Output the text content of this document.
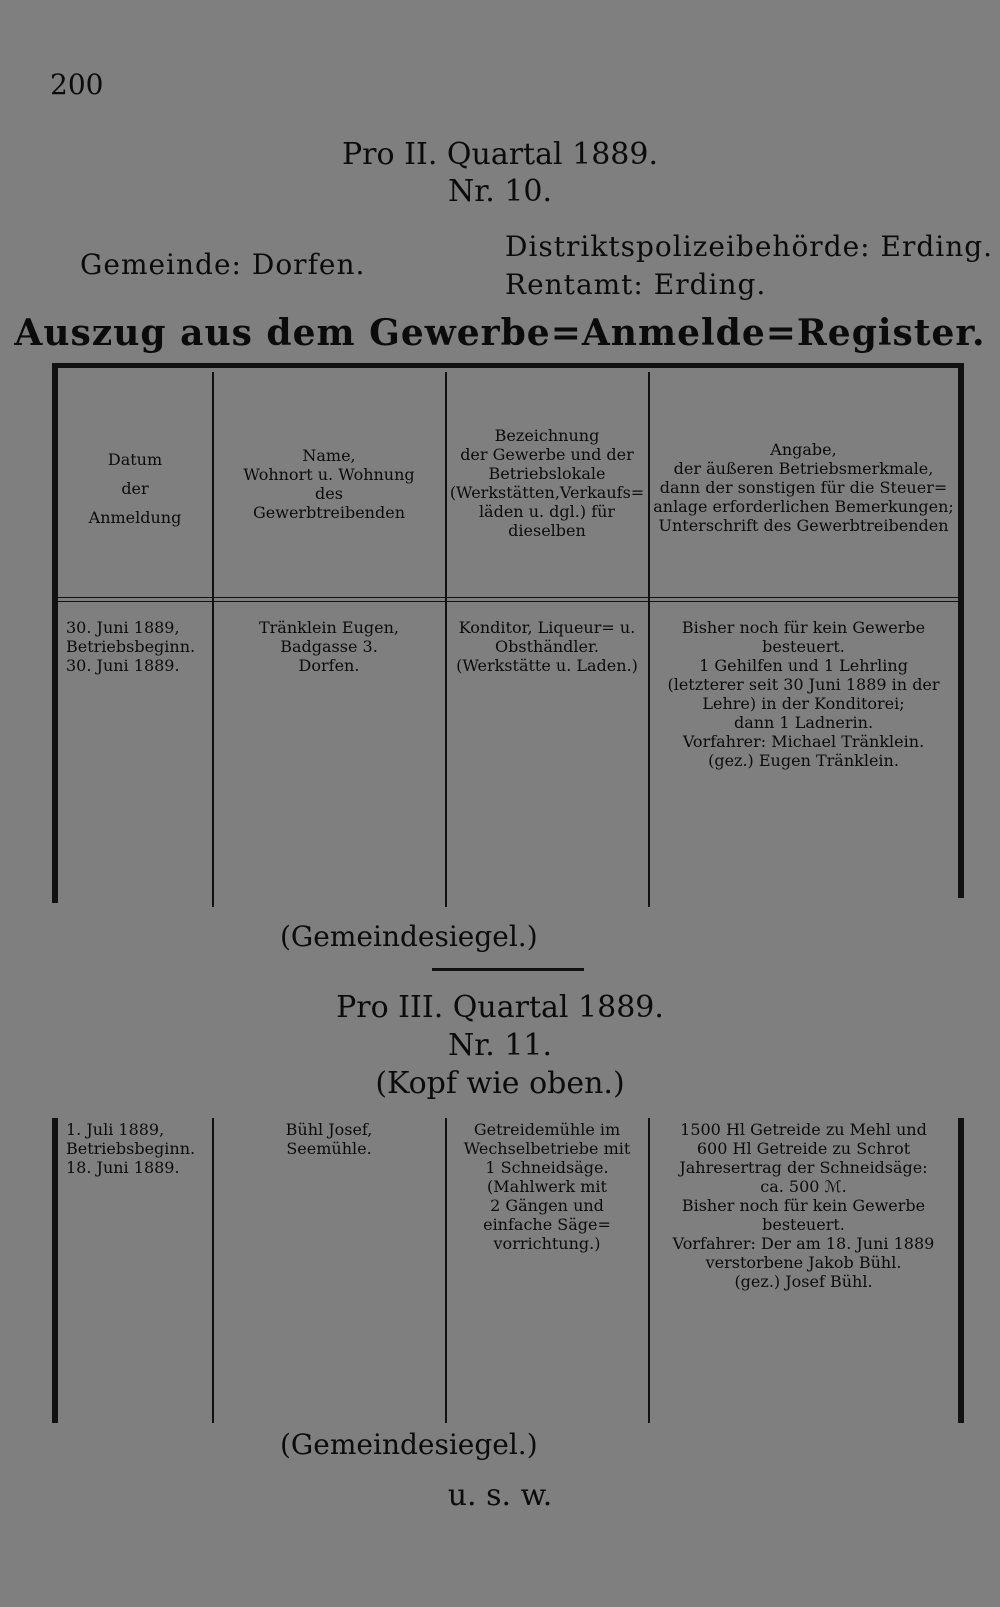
200
Pro II. Quartal 1889.
Nr. 10.
Gemeinde: Dorfen.
Distriktspolizeibehörde: Erding.
Rentamt: Erding.
Auszug aus dem Gewerbe=Anmelde=Register.
Datum
der
Anmeldung
Name,
Wohnort u. Wohnung
des
Gewerbtreibenden
Bezeichnung
der Gewerbe und der
Betriebslokale
(Werkstätten,Verkaufs=
läden u. dgl.) für
dieselben
Angabe,
der äußeren Betriebsmerkmale,
dann der sonstigen für die Steuer=
anlage erforderlichen Bemerkungen;
Unterschrift des Gewerbtreibenden
30. Juni 1889,
Betriebsbeginn.
30. Juni 1889.
Tränklein Eugen,
Badgasse 3.
Dorfen.
Konditor, Liqueur= u.
Obsthändler.
(Werkstätte u. Laden.)
Bisher noch für kein Gewerbe
besteuert.
1 Gehilfen und 1 Lehrling
(letzterer seit 30 Juni 1889 in der
Lehre) in der Konditorei;
dann 1 Ladnerin.
Vorfahrer: Michael Tränklein.
(gez.) Eugen Tränklein.
(Gemeindesiegel.)
Pro III. Quartal 1889.
Nr. 11.
(Kopf wie oben.)
1. Juli 1889,
Betriebsbeginn.
18. Juni 1889.
Bühl Josef,
Seemühle.
Getreidemühle im
Wechselbetriebe mit
1 Schneidsäge.
(Mahlwerk mit
2 Gängen und
einfache Säge=
vorrichtung.)
1500 Hl Getreide zu Mehl und
600 Hl Getreide zu Schrot
Jahresertrag der Schneidsäge:
ca. 500 ℳ.
Bisher noch für kein Gewerbe
besteuert.
Vorfahrer: Der am 18. Juni 1889
verstorbene Jakob Bühl.
(gez.) Josef Bühl.
(Gemeindesiegel.)
u. s. w.
